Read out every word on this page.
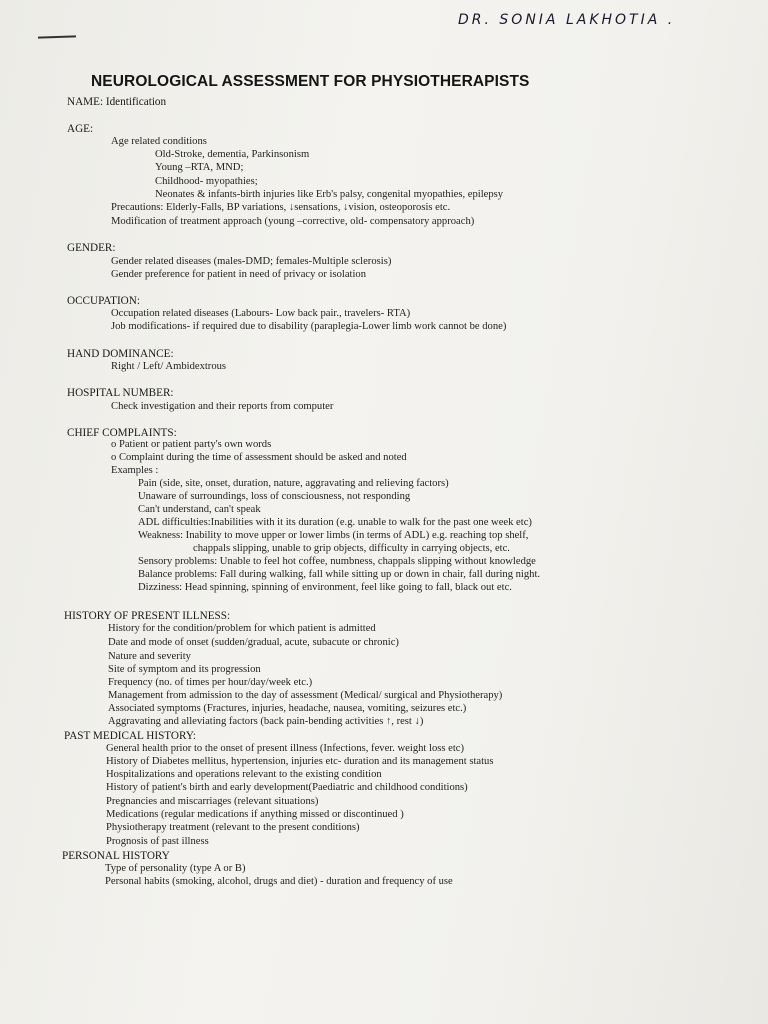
DR. SONIA LAKHOTIA .
NEUROLOGICAL ASSESSMENT FOR PHYSIOTHERAPISTS
NAME: Identification
AGE:
Age related conditions
Old-Stroke, dementia, Parkinsonism
Young –RTA, MND;
Childhood- myopathies;
Neonates & infants-birth injuries like Erb's palsy, congenital myopathies, epilepsy
Precautions: Elderly-Falls, BP variations, ↓sensations, ↓vision, osteoporosis etc.
Modification of treatment approach (young –corrective, old- compensatory approach)
GENDER:
Gender related diseases (males-DMD; females-Multiple sclerosis)
Gender preference for patient in need of privacy or isolation
OCCUPATION:
Occupation related diseases (Labours- Low back pair., travelers- RTA)
Job modifications- if required due to disability (paraplegia-Lower limb work cannot be done)
HAND DOMINANCE:
Right / Left/ Ambidextrous
HOSPITAL NUMBER:
Check investigation and their reports from computer
CHIEF COMPLAINTS:
o Patient or patient party's own words
o Complaint during the time of assessment should be asked and noted
Examples :
Pain (side, site, onset, duration, nature, aggravating and relieving factors)
Unaware of surroundings, loss of consciousness, not responding
Can't understand, can't speak
ADL difficulties:Inabilities with it its duration (e.g. unable to walk for the past one week etc)
Weakness: Inability to move upper or lower limbs (in terms of ADL) e.g. reaching top shelf,
chappals slipping, unable to grip objects, difficulty in carrying objects, etc.
Sensory problems: Unable to feel hot coffee, numbness, chappals slipping without knowledge
Balance problems: Fall during walking, fall while sitting up or down in chair, fall during night.
Dizziness: Head spinning, spinning of environment, feel like going to fall, black out etc.
HISTORY OF PRESENT ILLNESS:
History for the condition/problem for which patient is admitted
Date and mode of onset (sudden/gradual, acute, subacute or chronic)
Nature and severity
Site of symptom and its progression
Frequency (no. of times per hour/day/week etc.)
Management from admission to the day of assessment (Medical/ surgical and Physiotherapy)
Associated symptoms (Fractures, injuries, headache, nausea, vomiting, seizures etc.)
Aggravating and alleviating factors (back pain-bending activities ↑, rest ↓)
PAST MEDICAL HISTORY:
General health prior to the onset of present illness (Infections, fever. weight loss etc)
History of Diabetes mellitus, hypertension, injuries etc- duration and its management status
Hospitalizations and operations relevant to the existing condition
History of patient's birth and early development(Paediatric and childhood conditions)
Pregnancies and miscarriages (relevant situations)
Medications (regular medications if anything missed or discontinued )
Physiotherapy treatment (relevant to the present conditions)
Prognosis of past illness
PERSONAL HISTORY
Type of personality (type A or B)
Personal habits (smoking, alcohol, drugs and diet) - duration and frequency of use
